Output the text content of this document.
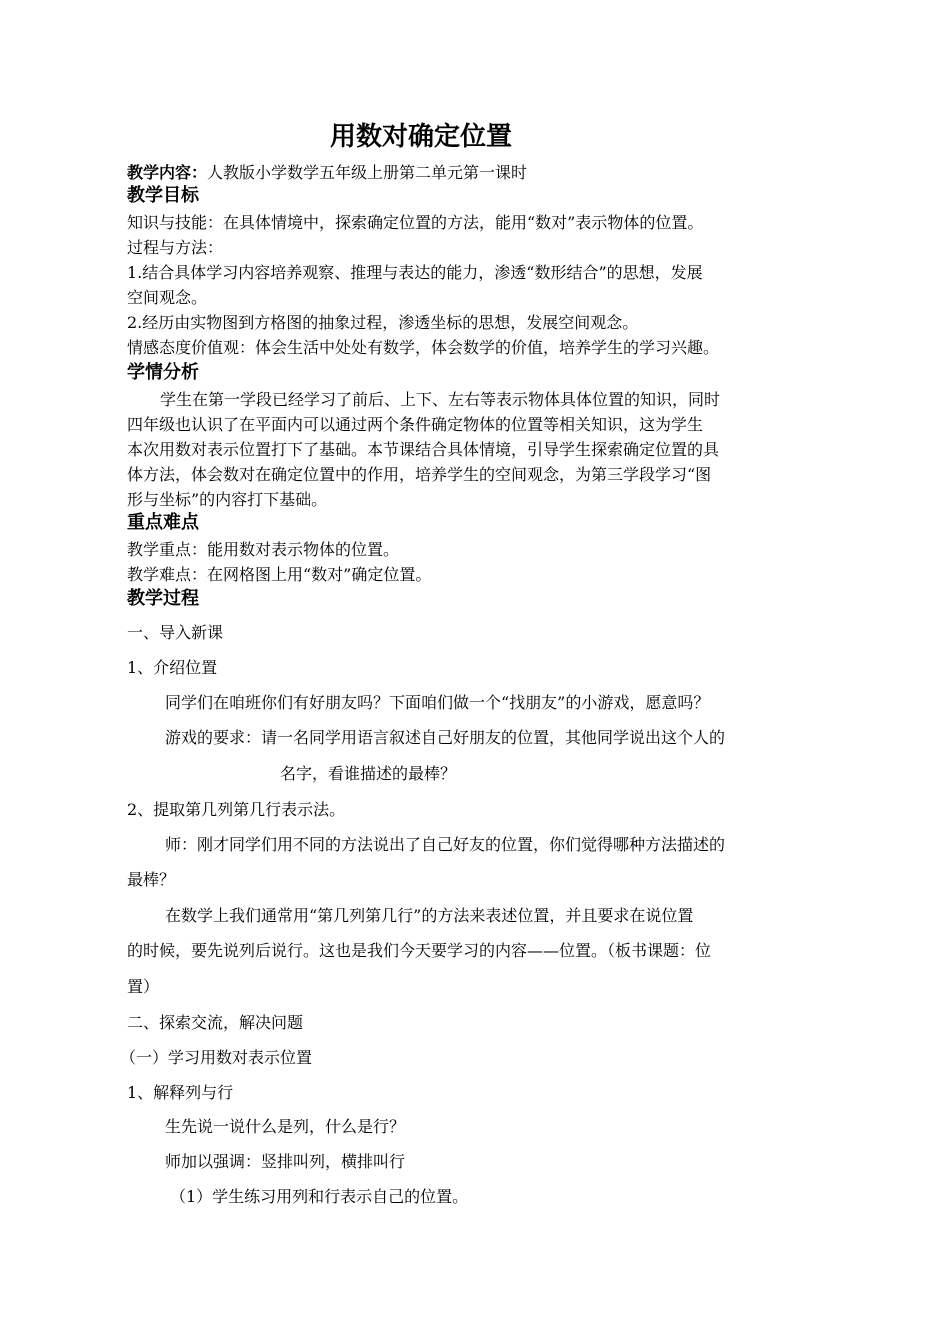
用数对确定位置
教学内容：人教版小学数学五年级上册第二单元第一课时
教学目标
知识与技能：在具体情境中，探索确定位置的方法，能用“数对”表示物体的位置。
过程与方法：
1.结合具体学习内容培养观察、推理与表达的能力，渗透“数形结合”的思想，发展
空间观念。
2.经历由实物图到方格图的抽象过程，渗透坐标的思想，发展空间观念。
情感态度价值观：体会生活中处处有数学，体会数学的价值，培养学生的学习兴趣。
学情分析
学生在第一学段已经学习了前后、上下、左右等表示物体具体位置的知识，同时
四年级也认识了在平面内可以通过两个条件确定物体的位置等相关知识，这为学生
本次用数对表示位置打下了基础。本节课结合具体情境，引导学生探索确定位置的具
体方法，体会数对在确定位置中的作用，培养学生的空间观念，为第三学段学习“图
形与坐标”的内容打下基础。
重点难点
教学重点：能用数对表示物体的位置。
教学难点：在网格图上用“数对”确定位置。
教学过程
一、导入新课
1、介绍位置
同学们在咱班你们有好朋友吗？下面咱们做一个“找朋友”的小游戏，愿意吗？
游戏的要求：请一名同学用语言叙述自己好朋友的位置，其他同学说出这个人的
名字，看谁描述的最棒？
2、提取第几列第几行表示法。
师：刚才同学们用不同的方法说出了自己好友的位置，你们觉得哪种方法描述的
最棒？
在数学上我们通常用“第几列第几行”的方法来表述位置，并且要求在说位置
的时候，要先说列后说行。这也是我们今天要学习的内容——位置。（板书课题：位
置）
二、探索交流，解决问题
（一）学习用数对表示位置
1、解释列与行
生先说一说什么是列，什么是行？
师加以强调：竖排叫列，横排叫行
（1）学生练习用列和行表示自己的位置。
